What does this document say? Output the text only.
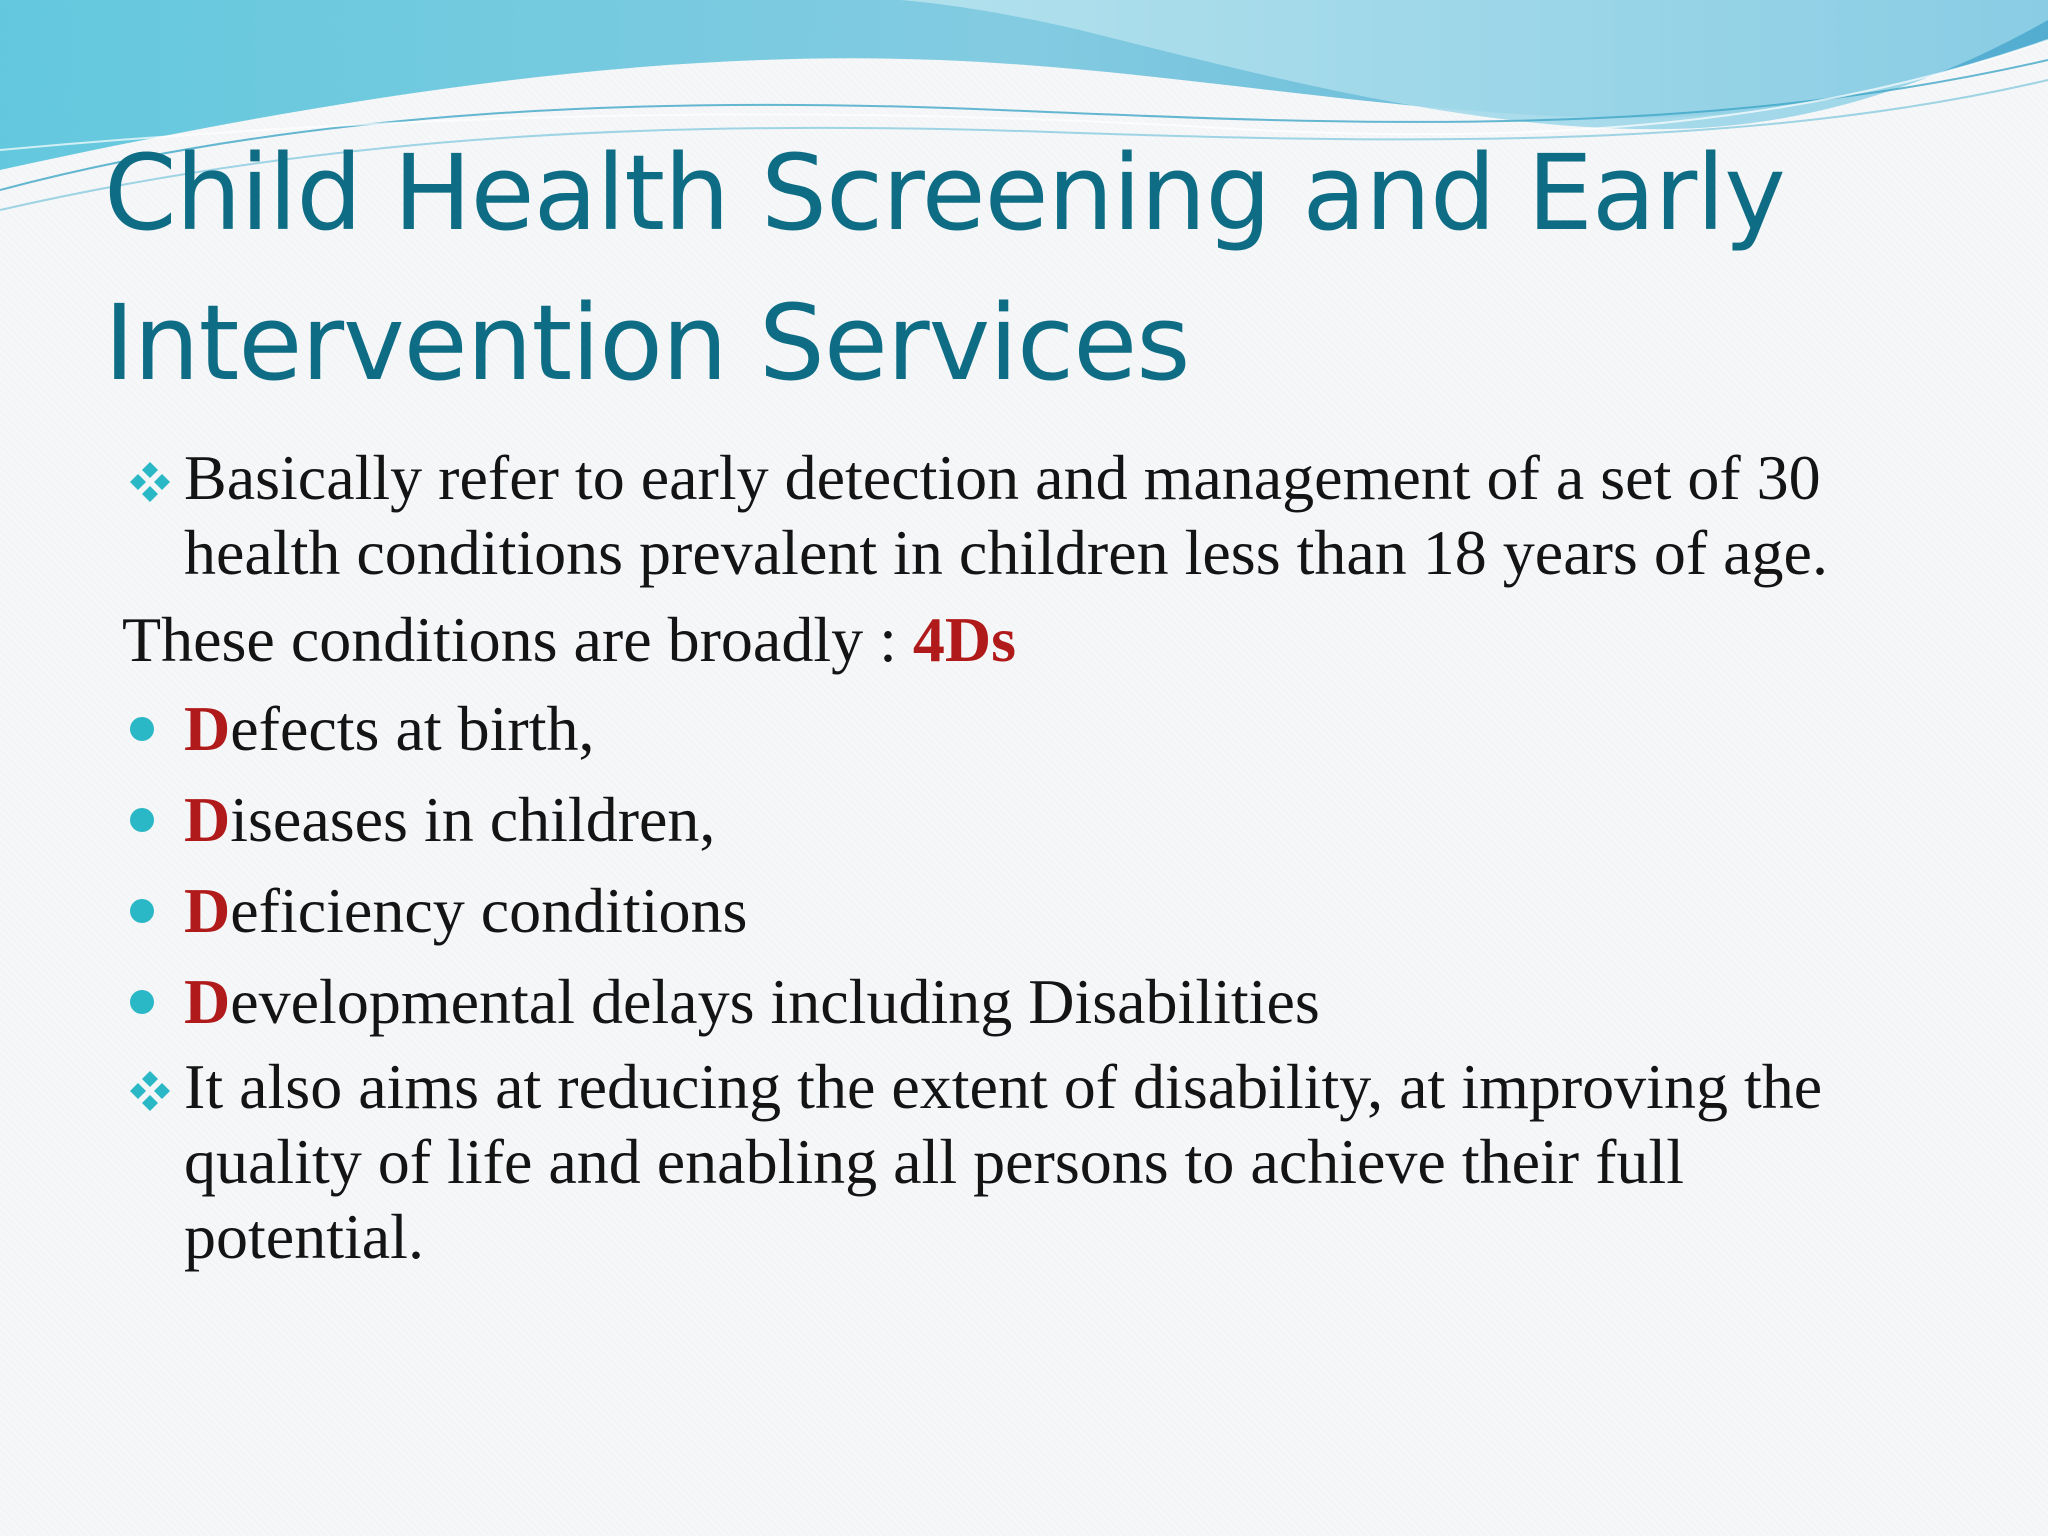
Child Health Screening and Early
Intervention Services
Basically refer to early detection and management of a set of 30 health conditions prevalent in children less than 18 years of age.
These conditions are broadly : 4Ds
Defects at birth,
Diseases in children,
Deficiency conditions
Developmental delays including Disabilities
It also aims at reducing the extent of disability, at improving the quality of life and enabling all persons to achieve their full potential.
